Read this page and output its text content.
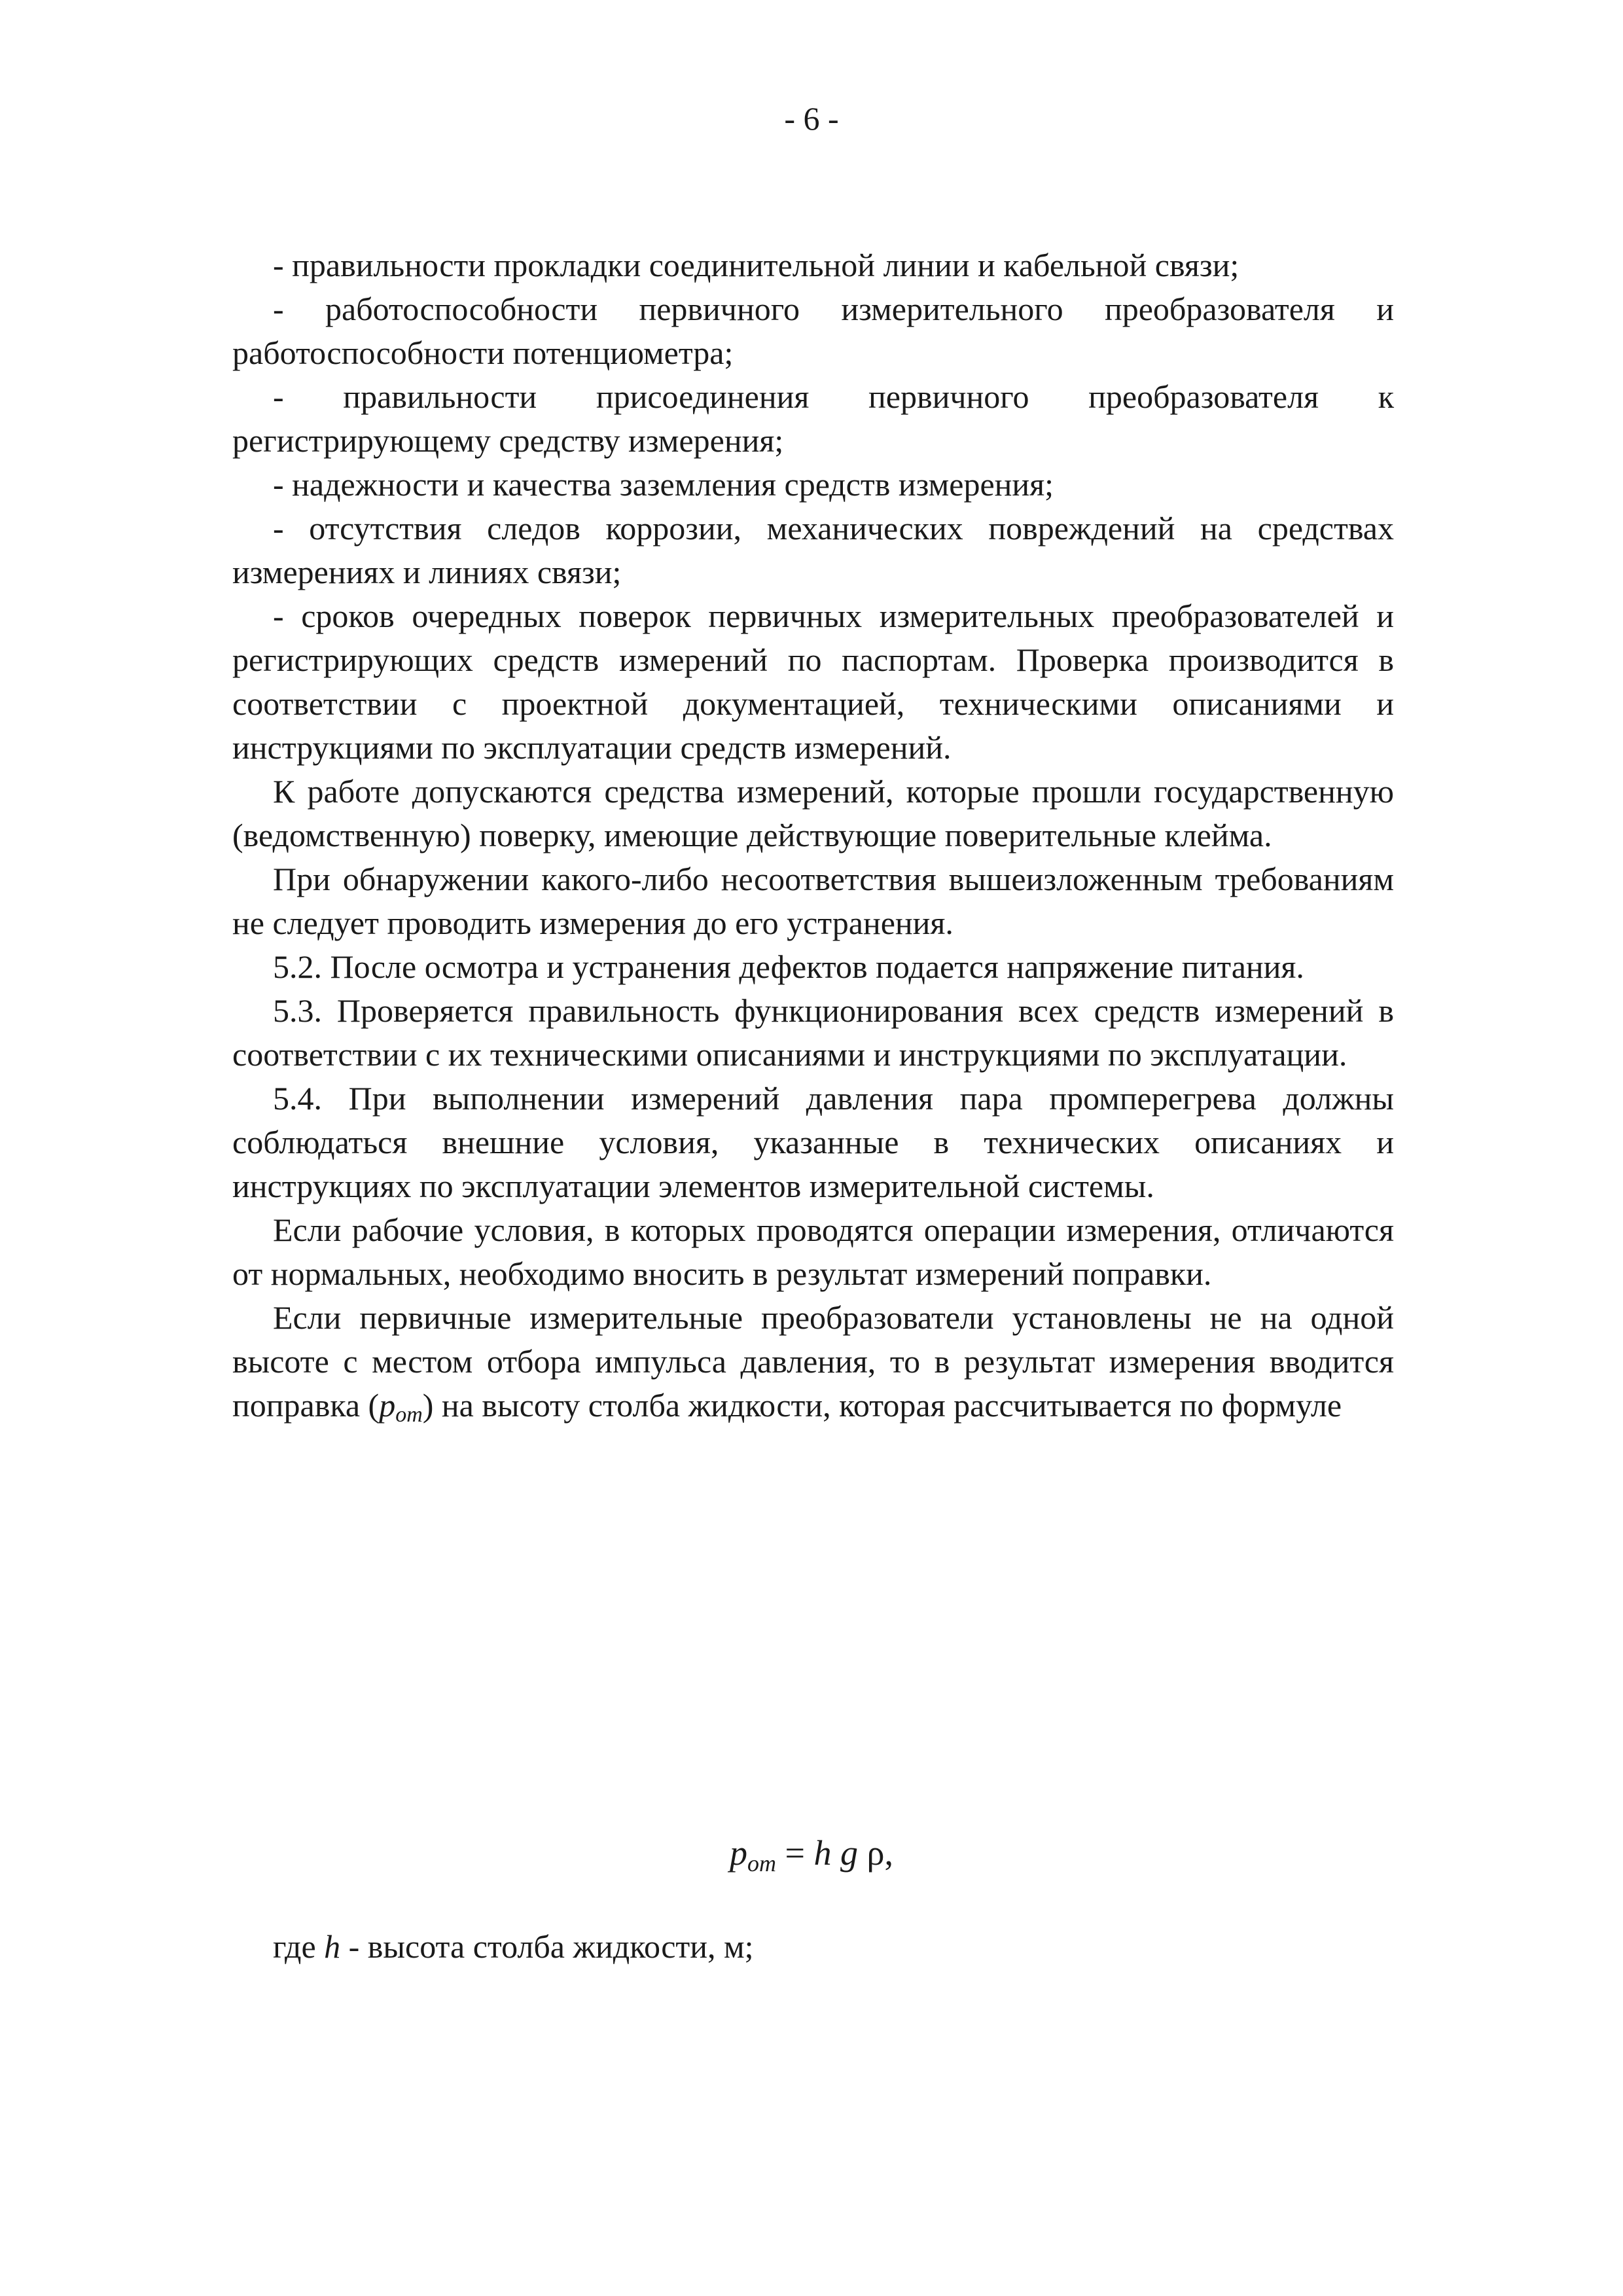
- 6 -

- правильности прокладки соединительной линии и кабельной связи;

- работоспособности первичного измерительного преобразователя и работоспособности потенциометра;

- правильности присоединения первичного преобразователя к регистрирующему средству измерения;

- надежности и качества заземления средств измерения;

- отсутствия следов коррозии, механических повреждений на средствах измерениях и линиях связи;

- сроков очередных поверок первичных измерительных преобразователей и регистрирующих средств измерений по паспортам. Проверка производится в соответствии с проектной документацией, техническими описаниями и инструкциями по эксплуатации средств измерений.

К работе допускаются средства измерений, которые прошли государственную (ведомственную) поверку, имеющие действующие поверительные клейма.

При обнаружении какого-либо несоответствия вышеизложенным требованиям не следует проводить измерения до его устранения.

5.2. После осмотра и устранения дефектов подается напряжение питания.

5.3. Проверяется правильность функционирования всех средств измерений в соответствии с их техническими описаниями и инструкциями по эксплуатации.

5.4. При выполнении измерений давления пара промперегрева должны соблюдаться внешние условия, указанные в технических описаниях и инструкциях по эксплуатации элементов измерительной системы.

Если рабочие условия, в которых проводятся операции измерения, отличаются от нормальных, необходимо вносить в результат измерений поправки.

Если первичные измерительные преобразователи установлены не на одной высоте с местом отбора импульса давления, то в результат измерения вводится поправка (pот) на высоту столба жидкости, которая рассчитывается по формуле

$p_{от} = h$ g ρ,
где h - высота столба жидкости, м;
